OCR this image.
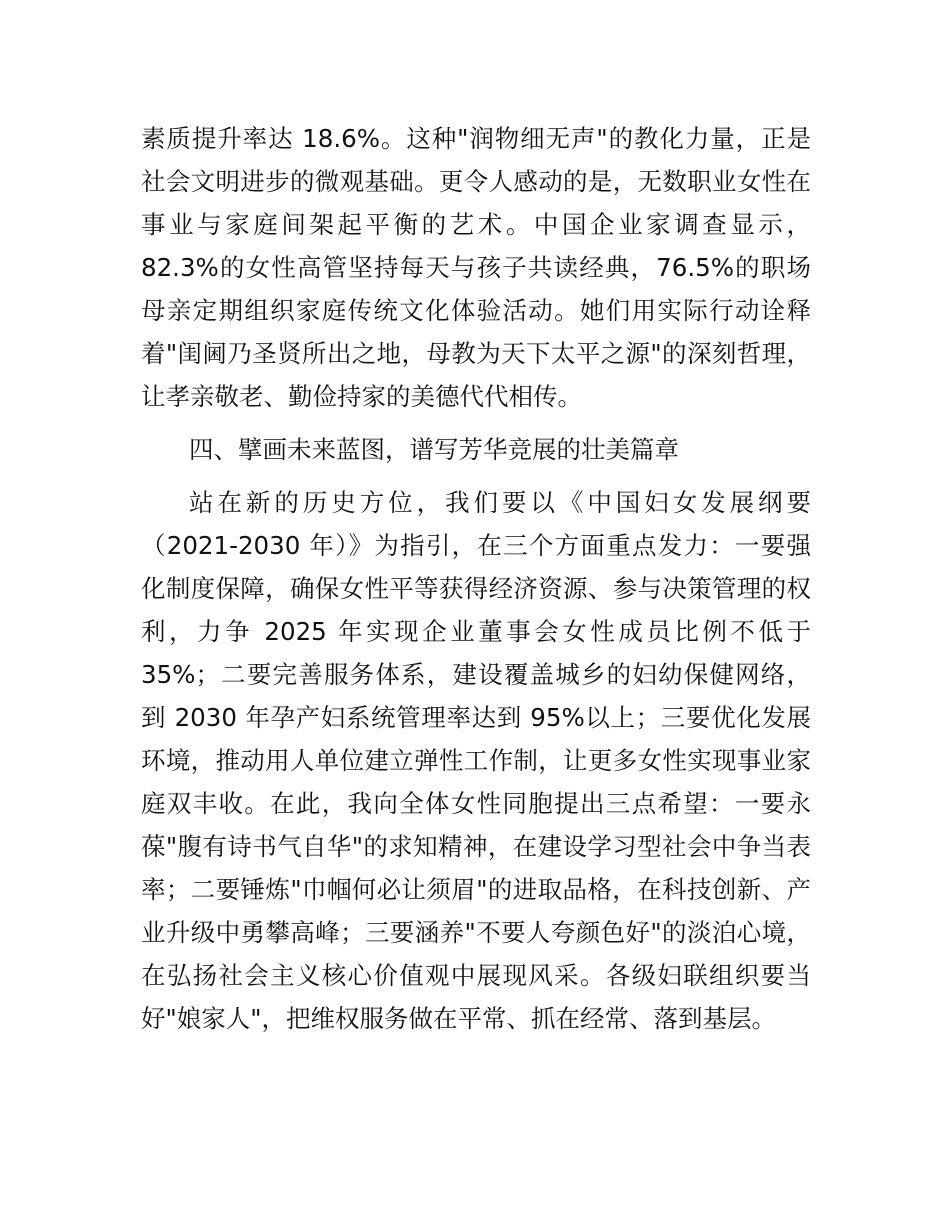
素质提升率达 18.6%。这种"润物细无声"的教化力量，正是
社会文明进步的微观基础。更令人感动的是，无数职业女性在
事业与家庭间架起平衡的艺术。中国企业家调查显示，
82.3%的女性高管坚持每天与孩子共读经典，76.5%的职场
母亲定期组织家庭传统文化体验活动。她们用实际行动诠释
着"闺阃乃圣贤所出之地，母教为天下太平之源"的深刻哲理，
让孝亲敬老、勤俭持家的美德代代相传。
四、擘画未来蓝图，谱写芳华竞展的壮美篇章
站在新的历史方位，我们要以《中国妇女发展纲要
（2021-2030 年）》为指引，在三个方面重点发力：一要强
化制度保障，确保女性平等获得经济资源、参与决策管理的权
利，力争 2025 年实现企业董事会女性成员比例不低于
35%；二要完善服务体系，建设覆盖城乡的妇幼保健网络，
到 2030 年孕产妇系统管理率达到 95%以上；三要优化发展
环境，推动用人单位建立弹性工作制，让更多女性实现事业家
庭双丰收。在此，我向全体女性同胞提出三点希望：一要永
葆"腹有诗书气自华"的求知精神，在建设学习型社会中争当表
率；二要锤炼"巾帼何必让须眉"的进取品格，在科技创新、产
业升级中勇攀高峰；三要涵养"不要人夸颜色好"的淡泊心境，
在弘扬社会主义核心价值观中展现风采。各级妇联组织要当
好"娘家人"，把维权服务做在平常、抓在经常、落到基层。
